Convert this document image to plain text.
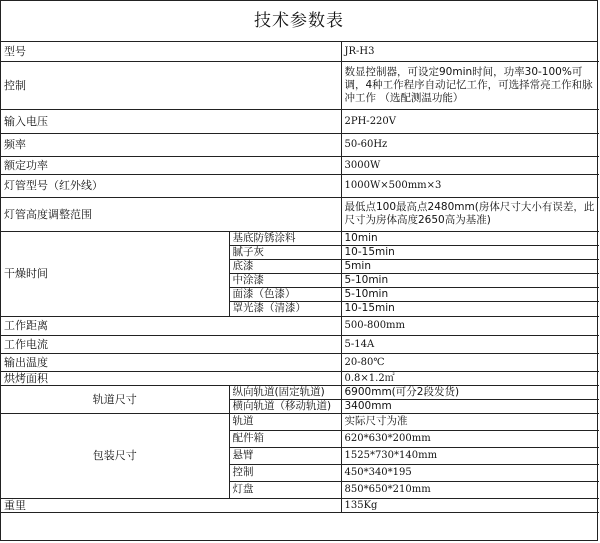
技术参数表
型号		JR-H3
控制		数显控制器，可设定90min时间，功率30-100%可调，4种工作程序自动记忆工作，可选择常亮工作和脉冲工作 （选配测温功能）
输入电压		2PH-220V
频率		50-60Hz
额定功率		3000W
灯管型号（红外线）		1000W×500mm×3
灯管高度调整范围		最低点100最高点2480mm(房体尺寸大小有误差，此尺寸为房体高度2650高为基准)
干燥时间	基底防锈涂料	10min
	腻子灰	10-15min
	底漆	5min
	中涂漆	5-10min
	面漆（色漆）	5-10min
	罩光漆（清漆）	10-15min
工作距离		500-800mm
工作电流		5-14A
输出温度		20-80℃
烘烤面积		0.8×1.2㎡
轨道尺寸	纵向轨道(固定轨道)	6900mm(可分2段发货)
	横向轨道（移动轨道)	3400mm
包装尺寸	轨道	实际尺寸为准
	配件箱	620*630*200mm
	悬臂	1525*730*140mm
	控制	450*340*195
	灯盘	850*650*210mm
重里		135Kg
